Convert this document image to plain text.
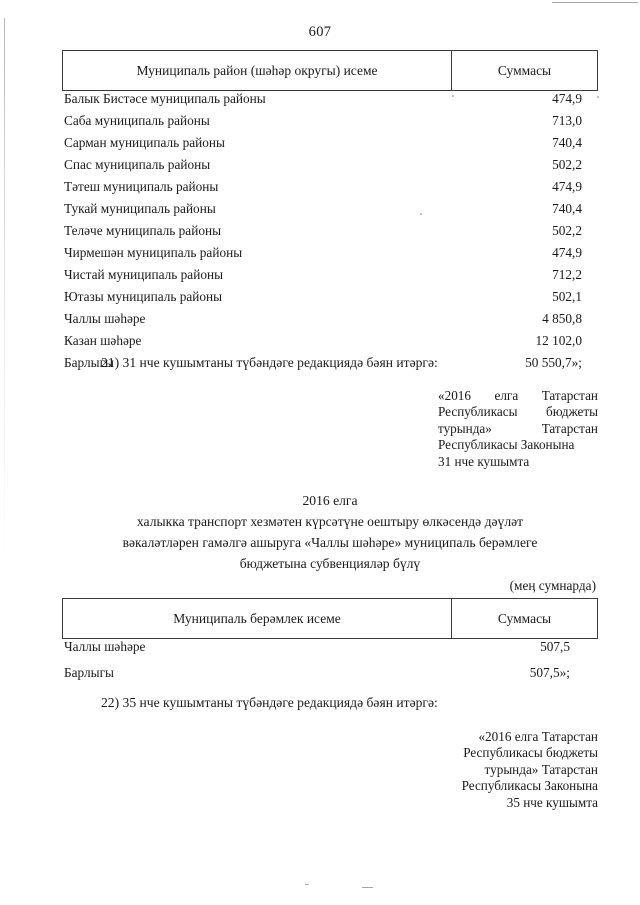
607
Муниципаль район (шәһәр округы) исеме	Суммасы
Балык Бистәсе муниципаль районы	474,9
Саба муниципаль районы	713,0
Сарман муниципаль районы	740,4
Спас муниципаль районы	502,2
Тәтеш муниципаль районы	474,9
Тукай муниципаль районы	740,4
Теләче муниципаль районы	502,2
Чирмешән муниципаль районы	474,9
Чистай муниципаль районы	712,2
Ютазы муниципаль районы	502,1
Чаллы шәһәре	4 850,8
Казан шәһәре	12 102,0
Барлыгы	50 550,7»;
21) 31 нче кушымтаны түбәндәге редакциядә бәян итәргә:
«2016 елга Татарстан
Республикасы бюджеты
турында» Татарстан
Республикасы Законына
31 нче кушымта
2016 елга
халыкка транспорт хезмәтен күрсәтүне оештыру өлкәсендә дәүләт
вәкаләтләрен гамәлгә ашыруга «Чаллы шәһәре» муниципаль берәмлеге
бюджетына субвенцияләр бүлү
(меӊ сумнарда)
Муниципаль берәмлек исеме	Суммасы
Чаллы шәһәре	507,5
Барлыгы	507,5»;
22) 35 нче кушымтаны түбәндәге редакциядә бәян итәргә:
«2016 елга Татарстан
Республикасы бюджеты
турында» Татарстан
Республикасы Законына
35 нче кушымта
